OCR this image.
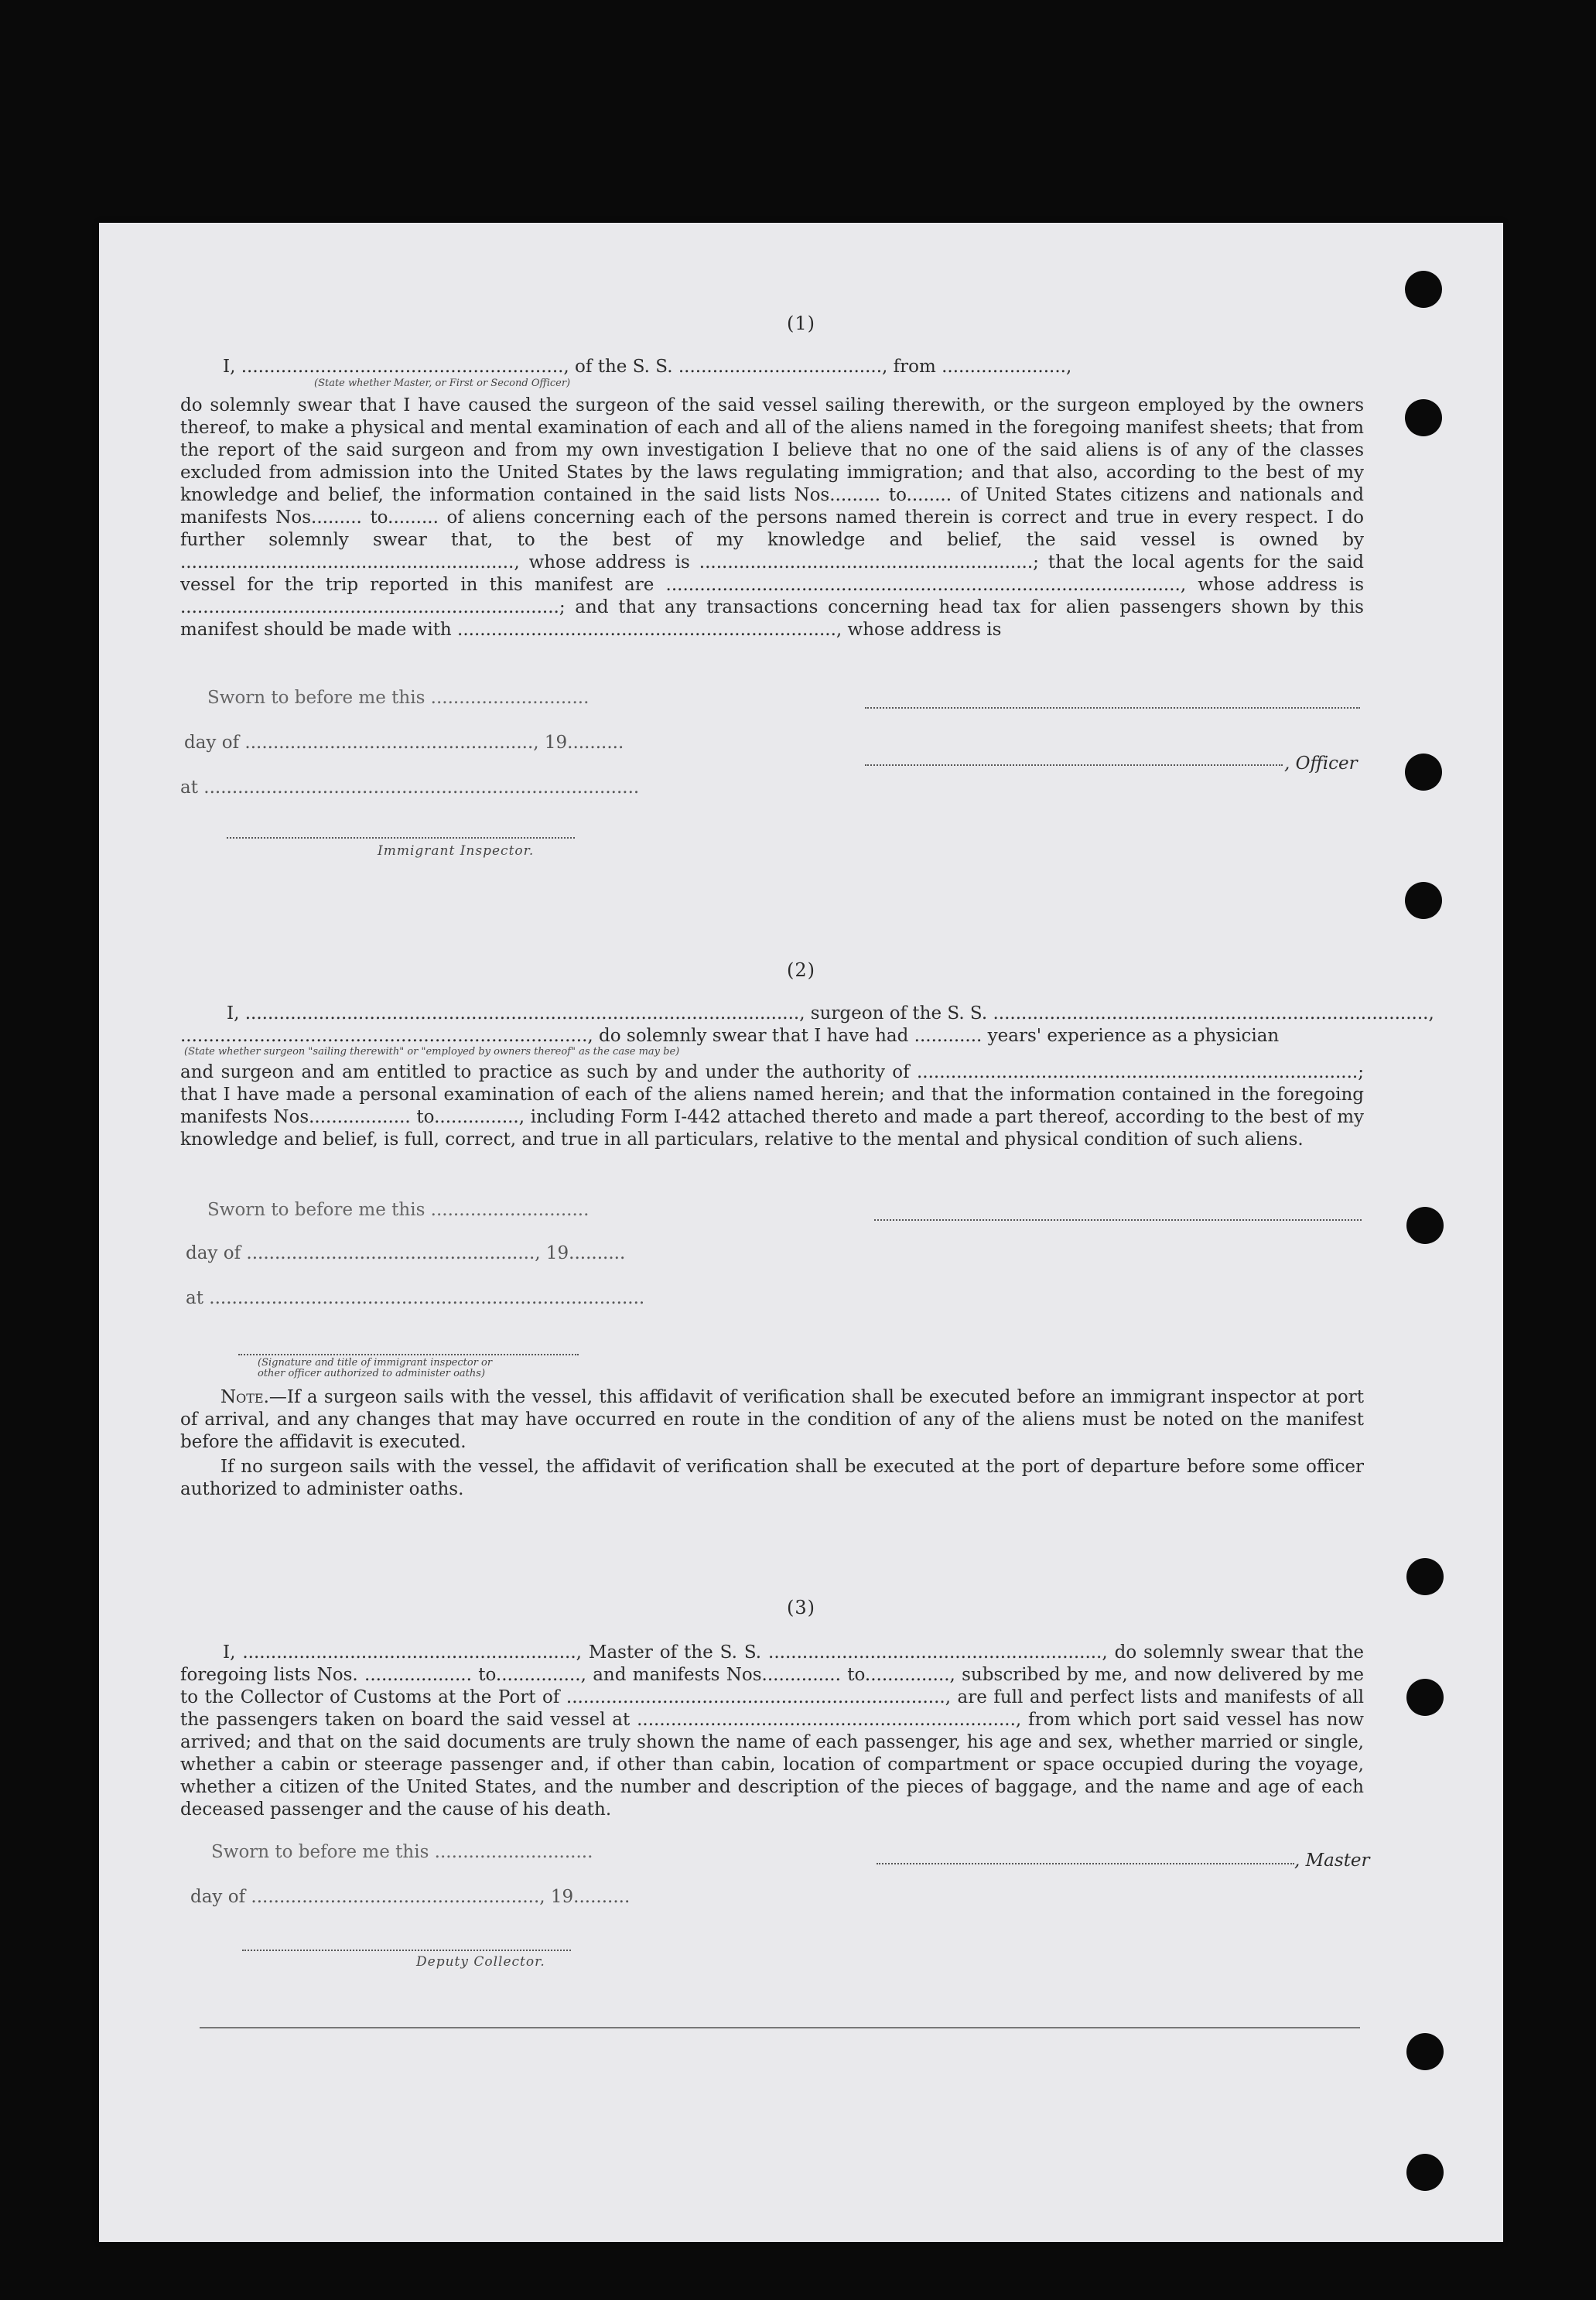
(1)
I, ........................................................., of the S. S. ...................................., from ......................,
(State whether Master, or First or Second Officer)
do solemnly swear that I have caused the surgeon of the said vessel sailing therewith, or the surgeon employed by the owners thereof, to make a physical and mental examination of each and all of the aliens named in the foregoing manifest sheets; that from the report of the said surgeon and from my own investigation I believe that no one of the said aliens is of any of the classes excluded from admission into the United States by the laws regulating immigration; and that also, according to the best of my knowledge and belief, the information contained in the said lists Nos......... to........ of United States citizens and nationals and manifests Nos......... to......... of aliens concerning each of the persons named therein is correct and true in every respect. I do further solemnly swear that, to the best of my knowledge and belief, the said vessel is owned by ..........................................................., whose address is ...........................................................; that the local agents for the said vessel for the trip reported in this manifest are ..........................................................................................., whose address is ...................................................................; and that any transactions concerning head tax for alien passengers shown by this manifest should be made with ..................................................................., whose address is
Sworn to before me this ............................
day of ..................................................., 19..........
at .............................................................................
, Officer
Immigrant Inspector.
(2)
I, .................................................................................................., surgeon of the S. S. .............................................................................,
........................................................................, do solemnly swear that I have had ............ years' experience as a physician
(State whether surgeon "sailing therewith" or "employed by owners thereof" as the case may be)
and surgeon and am entitled to practice as such by and under the authority of ..............................................................................; that I have made a personal examination of each of the aliens named herein; and that the information contained in the foregoing manifests Nos.................. to..............., including Form I-442 attached thereto and made a part thereof, according to the best of my knowledge and belief, is full, correct, and true in all particulars, relative to the mental and physical condition of such aliens.
Sworn to before me this ............................
day of ..................................................., 19..........
at .............................................................................
(Signature and title of immigrant inspector or
other officer authorized to administer oaths)
Note.—If a surgeon sails with the vessel, this affidavit of verification shall be executed before an immigrant inspector at port of arrival, and any changes that may have occurred en route in the condition of any of the aliens must be noted on the manifest before the affidavit is executed.
If no surgeon sails with the vessel, the affidavit of verification shall be executed at the port of departure before some officer authorized to administer oaths.
(3)
I, ..........................................................., Master of the S. S. ..........................................................., do solemnly swear that the foregoing lists Nos. ................... to..............., and manifests Nos.............. to..............., subscribed by me, and now delivered by me to the Collector of Customs at the Port of ..................................................................., are full and perfect lists and manifests of all the passengers taken on board the said vessel at ..................................................................., from which port said vessel has now arrived; and that on the said documents are truly shown the name of each passenger, his age and sex, whether married or single, whether a cabin or steerage passenger and, if other than cabin, location of compartment or space occupied during the voyage, whether a citizen of the United States, and the number and description of the pieces of baggage, and the name and age of each deceased passenger and the cause of his death.
Sworn to before me this ............................
day of ..................................................., 19..........
, Master
Deputy Collector.
